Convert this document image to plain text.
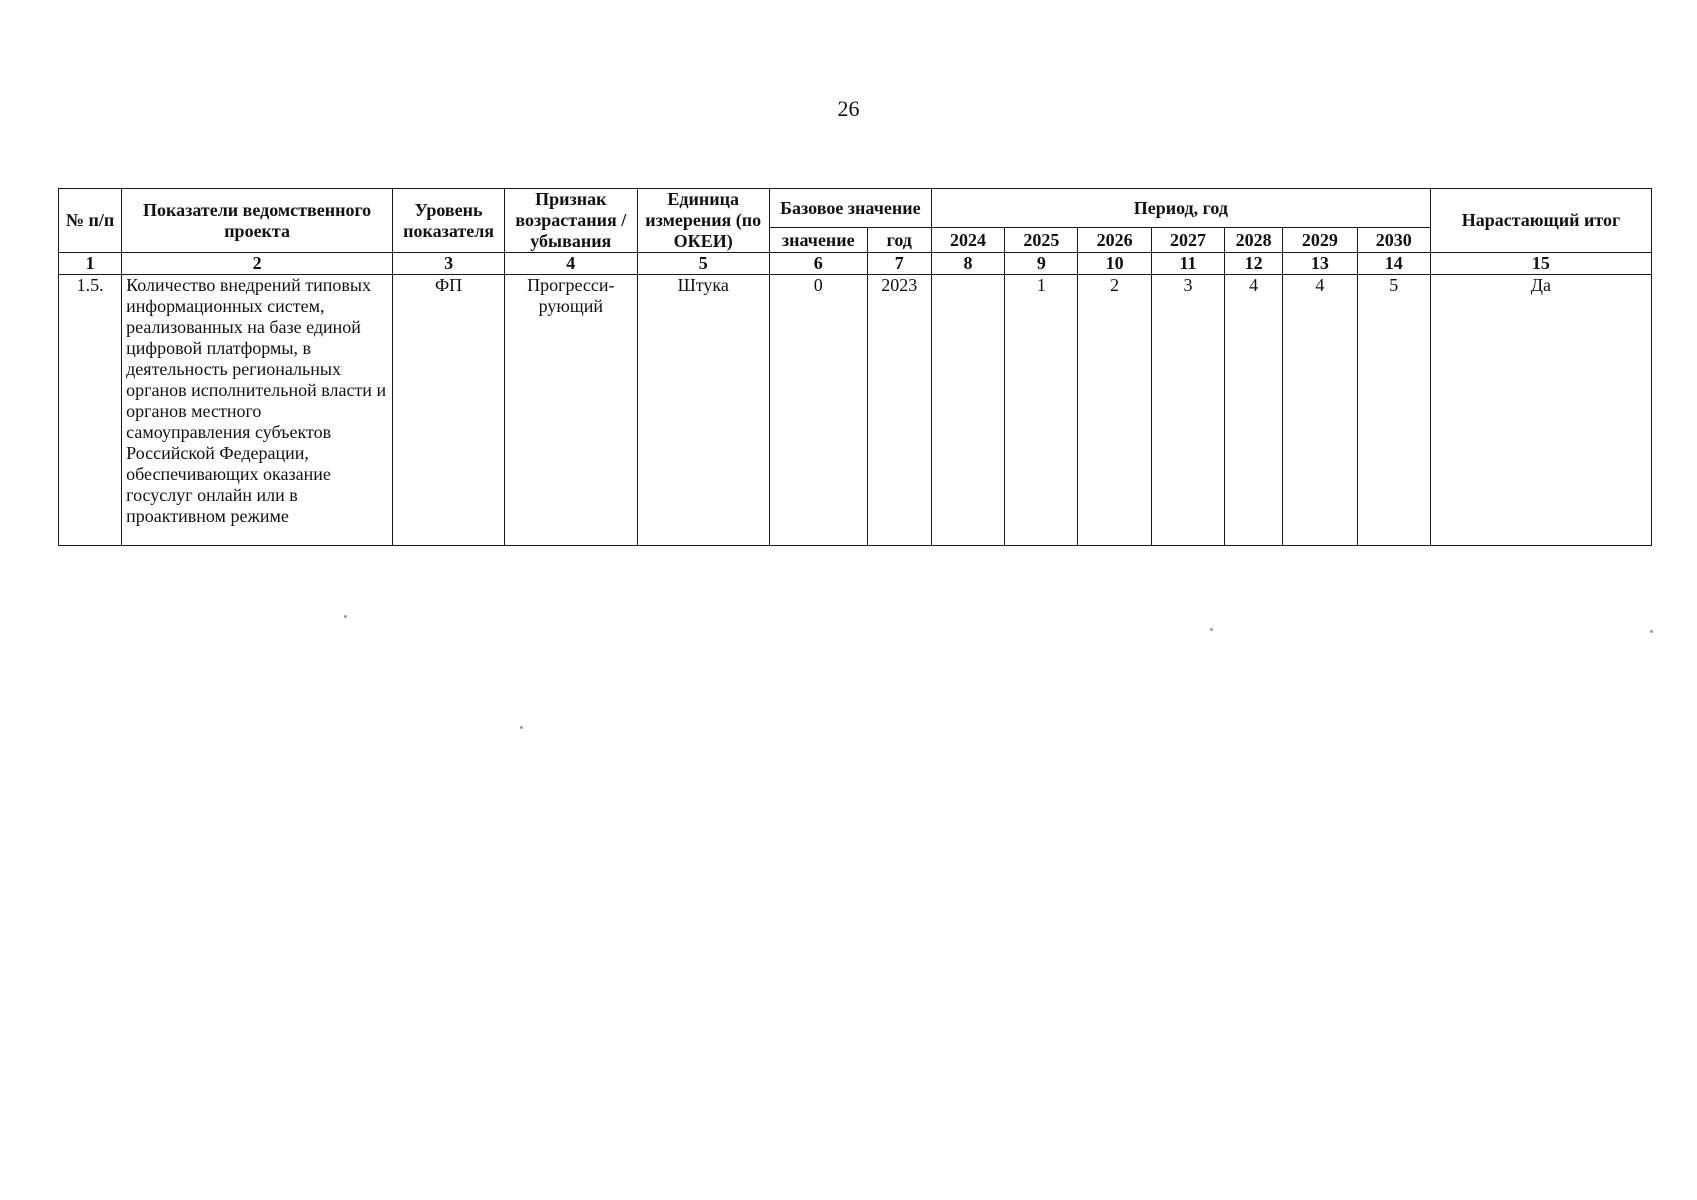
26
№ п/п	Показатели ведомственного проекта	Уровень показателя	Признак возрастания / убывания	Единица измерения (по ОКЕИ)	Базовое значение		Период, год							Нарастающий итог
					значение	год	2024	2025	2026	2027	2028	2029	2030	
1	2	3	4	5	6	7	8	9	10	11	12	13	14	15
1.5.	Количество внедрений типовых информационных систем, реализованных на базе единой цифровой платформы, в деятельность региональных органов исполнительной власти и органов местного самоуправления субъектов Российской Федерации, обеспечивающих оказание госуслуг онлайн или в проактивном режиме	ФП	Прогресси-рующий	Штука	0	2023		1	2	3	4	4	5	Да
